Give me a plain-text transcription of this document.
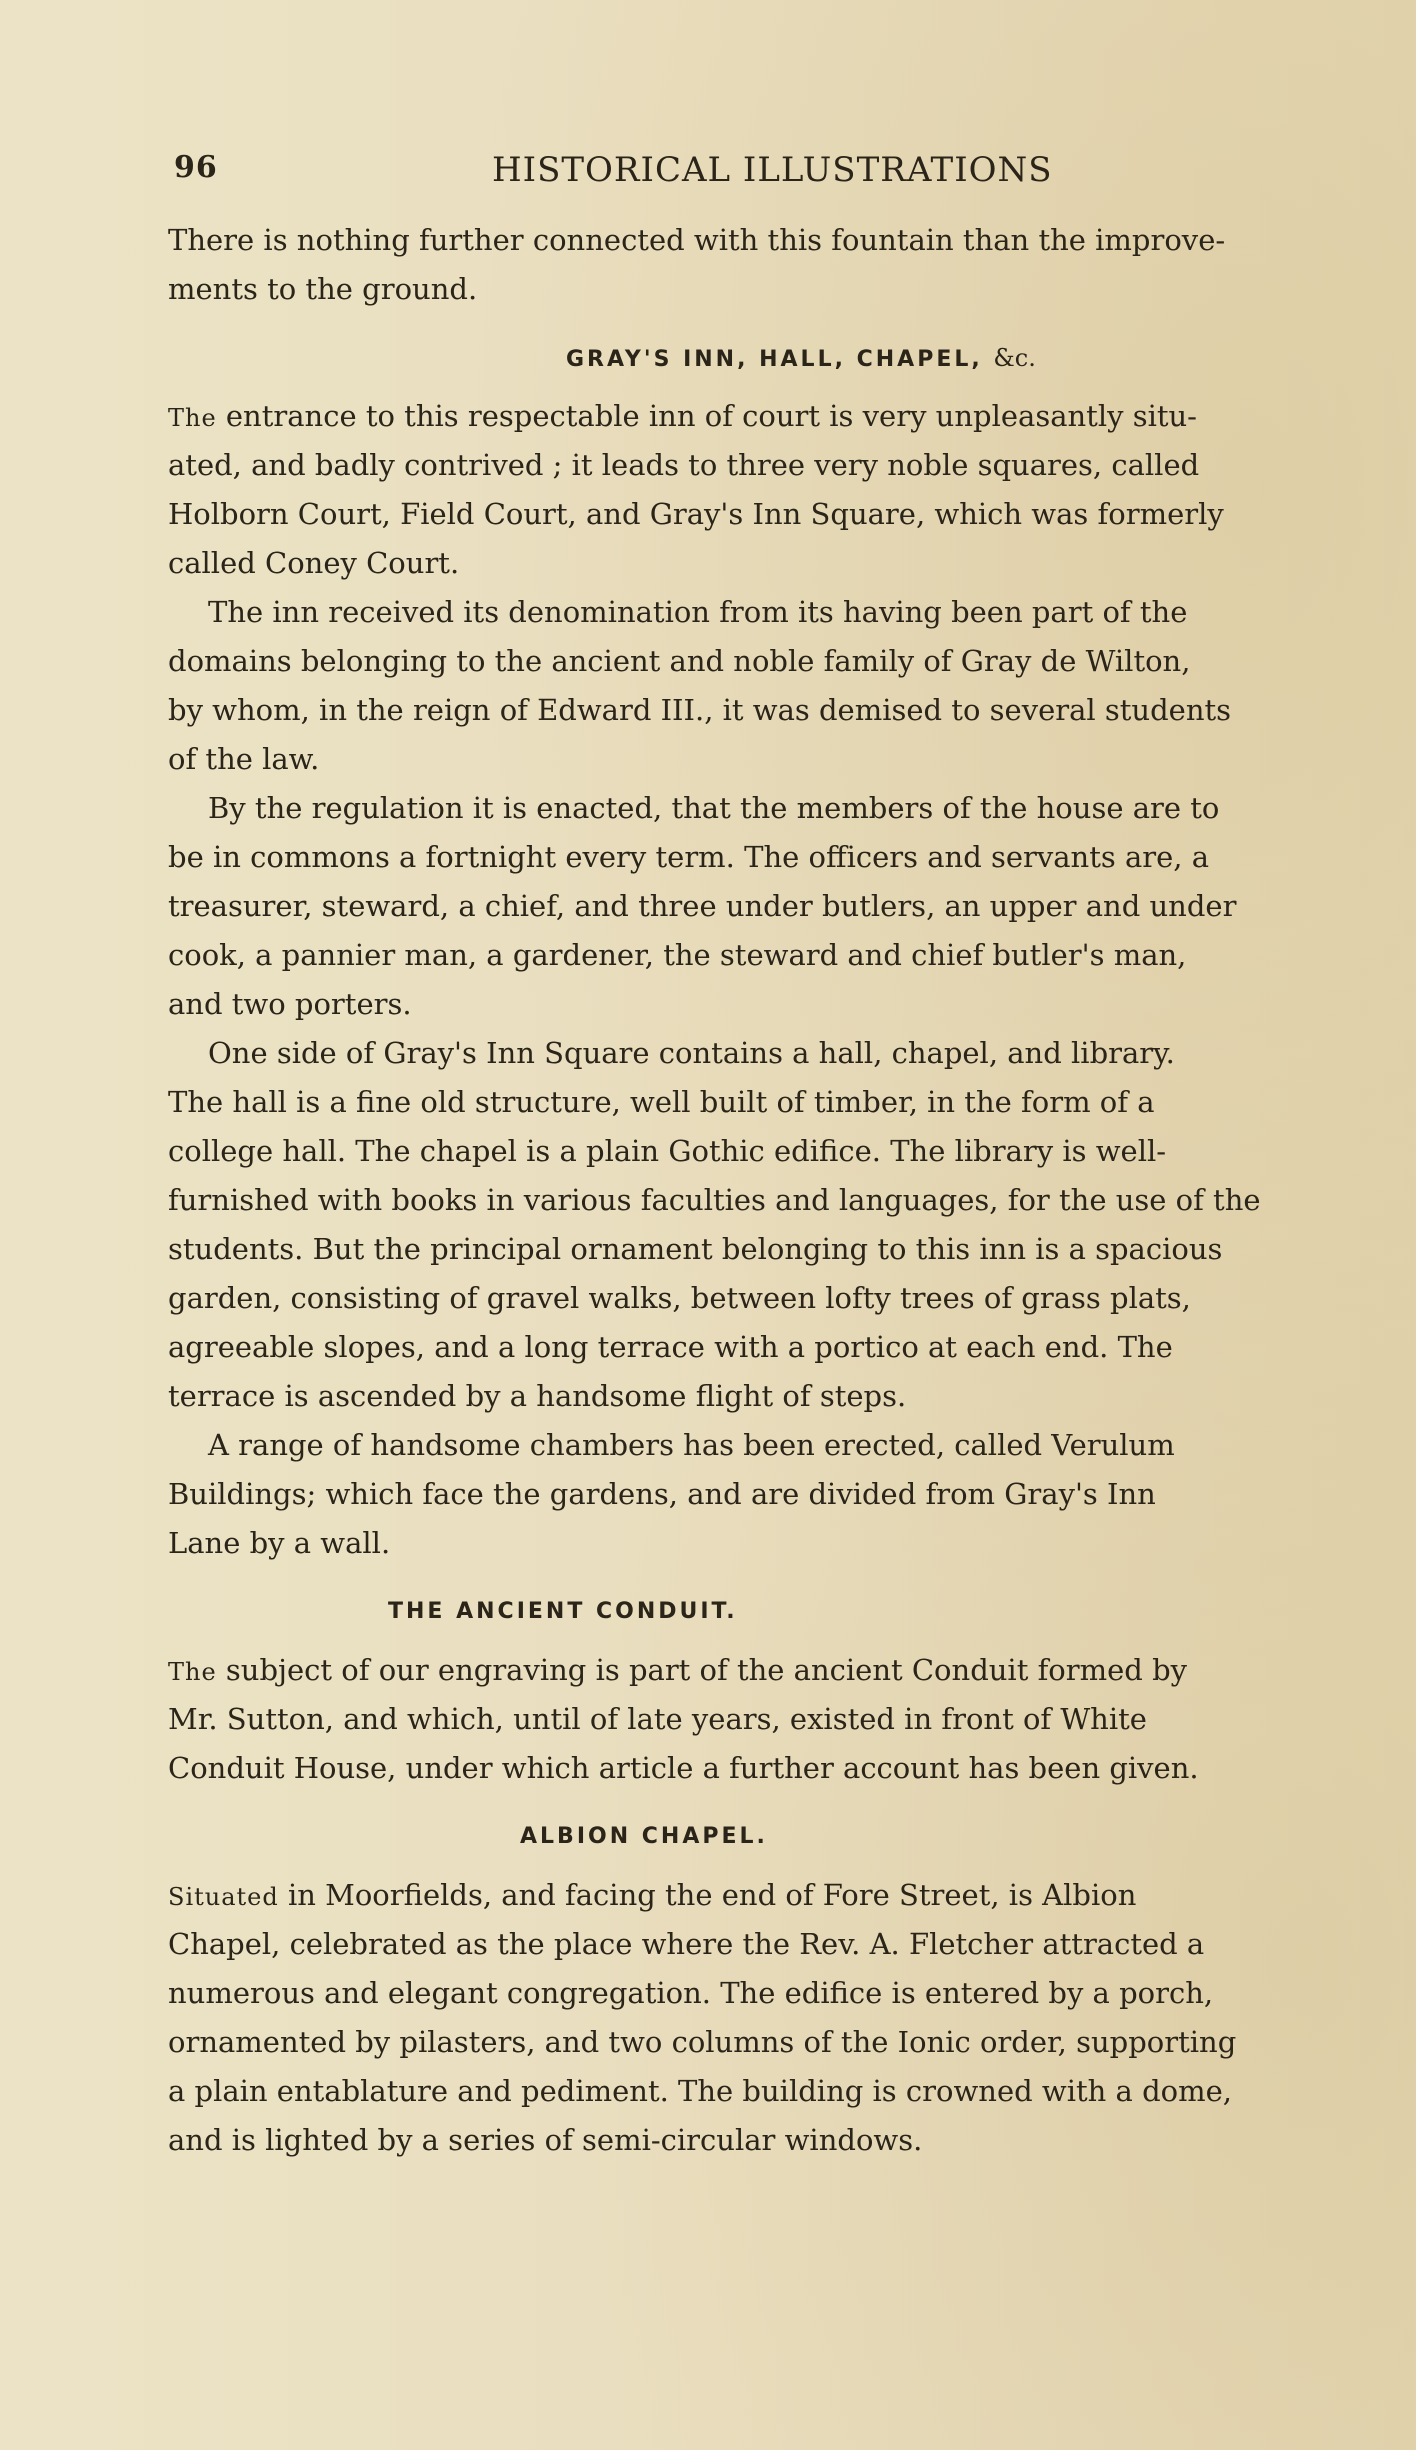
96	HISTORICAL ILLUSTRATIONS
There is nothing further connected with this fountain than the improve-
ments to the ground.
GRAY'S INN, HALL, CHAPEL, &c.
The entrance to this respectable inn of court is very unpleasantly situ-
ated, and badly contrived ; it leads to three very noble squares, called
Holborn Court, Field Court, and Gray's Inn Square, which was formerly
called Coney Court.
The inn received its denomination from its having been part of the
domains belonging to the ancient and noble family of Gray de Wilton,
by whom, in the reign of Edward III., it was demised to several students
of the law.
By the regulation it is enacted, that the members of the house are to
be in commons a fortnight every term. The officers and servants are, a
treasurer, steward, a chief, and three under butlers, an upper and under
cook, a pannier man, a gardener, the steward and chief butler's man,
and two porters.
One side of Gray's Inn Square contains a hall, chapel, and library.
The hall is a fine old structure, well built of timber, in the form of a
college hall. The chapel is a plain Gothic edifice. The library is well-
furnished with books in various faculties and languages, for the use of the
students. But the principal ornament belonging to this inn is a spacious
garden, consisting of gravel walks, between lofty trees of grass plats,
agreeable slopes, and a long terrace with a portico at each end. The
terrace is ascended by a handsome flight of steps.
A range of handsome chambers has been erected, called Verulum
Buildings; which face the gardens, and are divided from Gray's Inn
Lane by a wall.
THE ANCIENT CONDUIT.
The subject of our engraving is part of the ancient Conduit formed by
Mr. Sutton, and which, until of late years, existed in front of White
Conduit House, under which article a further account has been given.
ALBION CHAPEL.
Situated in Moorfields, and facing the end of Fore Street, is Albion
Chapel, celebrated as the place where the Rev. A. Fletcher attracted a
numerous and elegant congregation. The edifice is entered by a porch,
ornamented by pilasters, and two columns of the Ionic order, supporting
a plain entablature and pediment. The building is crowned with a dome,
and is lighted by a series of semi-circular windows.
